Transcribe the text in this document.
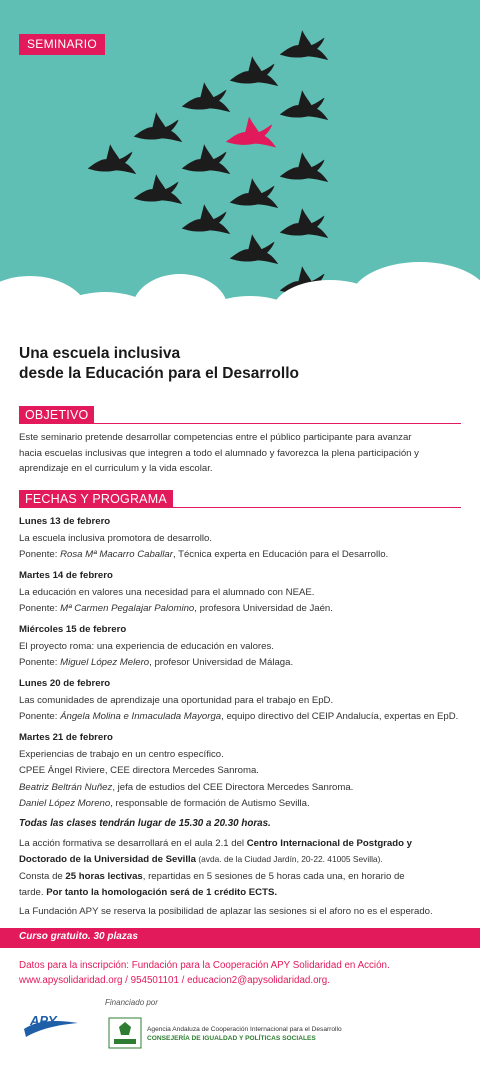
SEMINARIO
Una escuela inclusiva
desde la Educación para el Desarrollo
OBJETIVO
Este seminario pretende desarrollar competencias entre el público participante para avanzar
hacia escuelas inclusivas que integren a todo el alumnado y favorezca la plena participación y
aprendizaje en el curriculum y la vida escolar.
FECHAS Y PROGRAMA
Lunes 13 de febrero
La escuela inclusiva promotora de desarrollo.
Ponente: Rosa Mª Macarro Caballar, Técnica experta en Educación para el Desarrollo.
Martes 14 de febrero
La educación en valores una necesidad para el alumnado con NEAE.
Ponente: Mª Carmen Pegalajar Palomino, profesora Universidad de Jaén.
Miércoles 15 de febrero
El proyecto roma: una experiencia de educación en valores.
Ponente: Miguel López Melero, profesor Universidad de Málaga.
Lunes 20 de febrero
Las comunidades de aprendizaje una oportunidad para el trabajo en EpD.
Ponente: Ángela Molina e Inmaculada Mayorga, equipo directivo del CEIP Andalucía, expertas en EpD.
Martes 21 de febrero
Experiencias de trabajo en un centro específico.
CPEE Ángel Riviere, CEE directora Mercedes Sanroma.
Beatriz Beltrán Nuñez, jefa de estudios del CEE Directora Mercedes Sanroma.
Daniel López Moreno, responsable de formación de Autismo Sevilla.
Todas las clases tendrán lugar de 15.30 a 20.30 horas.
La acción formativa se desarrollará en el aula 2.1 del Centro Internacional de Postgrado y
Doctorado de la Universidad de Sevilla (avda. de la Ciudad Jardín, 20-22. 41005 Sevilla).
Consta de 25 horas lectivas, repartidas en 5 sesiones de 5 horas cada una, en horario de
tarde. Por tanto la homologación será de 1 crédito ECTS.
La Fundación APY se reserva la posibilidad de aplazar las sesiones si el aforo no es el esperado.
Curso gratuito. 30 plazas
Datos para la inscripción: Fundación para la Cooperación APY Solidaridad en Acción.
www.apysolidaridad.org / 954501101 / educacion2@apysolidaridad.org.
Financiado por
APY
Agencia Andaluza de Cooperación Internacional para el Desarrollo
CONSEJERÍA DE IGUALDAD Y POLÍTICAS SOCIALES
